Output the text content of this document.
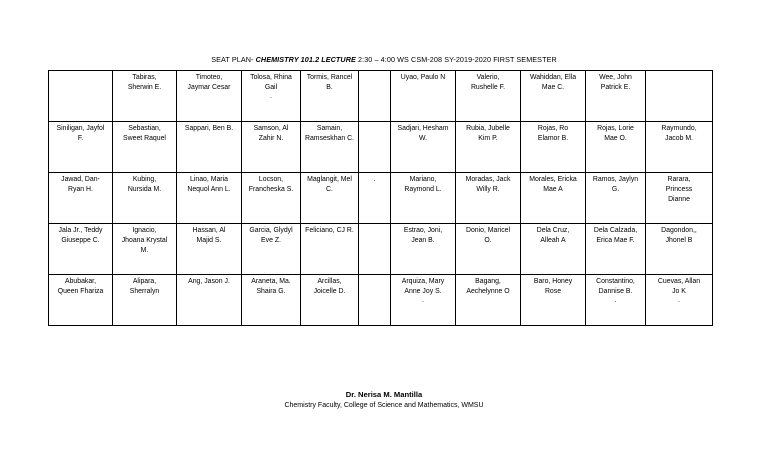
SEAT PLAN- CHEMISTRY 101.2 LECTURE 2:30 – 4:00 WS CSM-208 SY-2019-2020 FIRST SEMESTER

	Tabiras,
Sherwin E.	Timoteo,
Jaymar Cesar	Tolosa, Rhina
Gail
.	Tormis, Rancel
B.		Uyao, Paulo N	Valerio,
Rushelle F.	Wahiddan, Ella
Mae C.	Wee, John
Patrick E.	

Siniligan, Jayfol
F.	Sebastian,
Sweet Raquel	Sappari, Ben B.	Samson, Al
Zahir N.	Samain,
Ramseskhan C.		Sadjari, Hesham
W.	Rubia, Jubelle
Kim P.	Rojas, Ro
Elamor B.	Rojas, Lorie
Mae O.	Raymundo,
Jacob M.

Jawad, Dan-
Ryan H.	Kubing,
Nursida M.	Linao, Maria
Nequol Ann L.	Locson,
Francheska S.	Maglangit, Mel
C.	.	Mariano,
Raymond L.	Moradas, Jack
Willy R.	Morales, Ericka
Mae A	Ramos, Jaylyn
G.	Rarara,
Princess
Dianne

Jala Jr., Teddy
Giuseppe C.	Ignacio,
Jhoana Krystal
M.	Hassan, Al
Majid S.	Garcia, Glydyl
Eve Z.	Feliciano, CJ R.		Estrao, Joni,
Jean B.	Donio, Maricel
O.	Dela Cruz,
Alleah A	Dela Calzada,
Erica Mae F.	Dagondon,,
Jhonel B

Abubakar,
Queen Fhariza	Alipara,
Sherralyn	Ang, Jason J.	Araneta, Ma.
Shaira G.	Arcillas,
Joicelle D.		Arquiza, Mary
Anne Joy S.
.	Bagang,
Aechelynne O	Baro, Honey
Rose	Constantino,
Dannise B.
.	Cuevas, Allan
Jo K
.
Dr. Nerisa M. Mantilla
Chemistry Faculty, College of Science and Mathematics, WMSU
